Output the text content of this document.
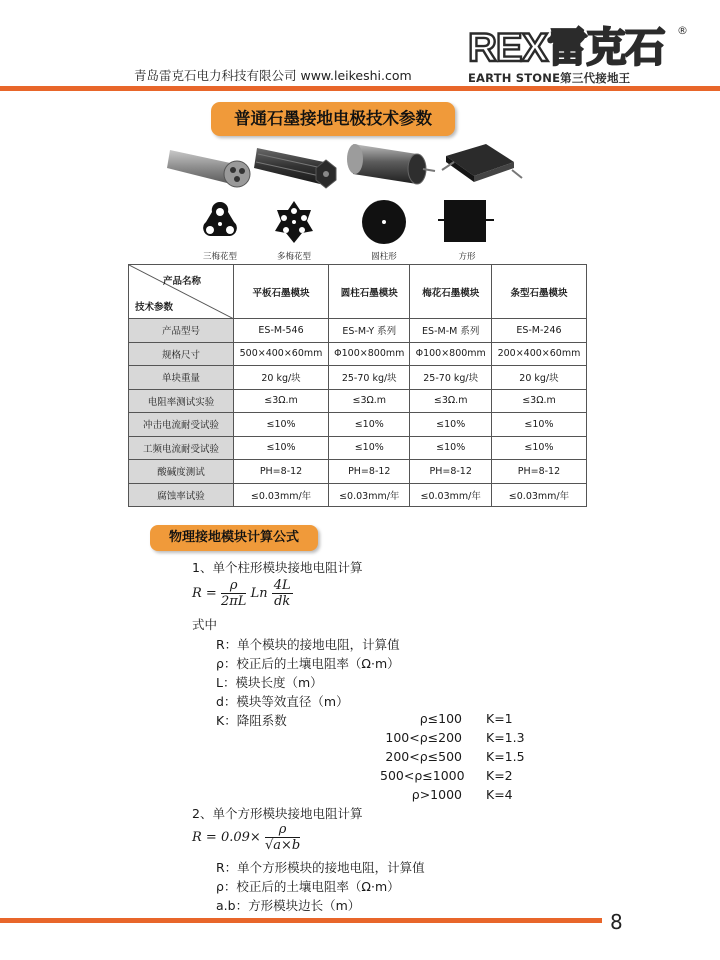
青岛雷克石电力科技有限公司 www.leikeshi.com
REX雷克石 ®
EARTH STONE第三代接地王
普通石墨接地电极技术参数
三梅花型	多梅花型	圆柱形	方形
产品名称
技术参数	平板石墨模块	圆柱石墨模块	梅花石墨模块	条型石墨模块
产品型号	ES-M-546	ES-M-Y 系列	ES-M-M 系列	ES-M-246
规格尺寸	500×400×60mm	Φ100×800mm	Φ100×800mm	200×400×60mm
单块重量	20 kg/块	25-70 kg/块	25-70 kg/块	20 kg/块
电阻率测试实验	≤3Ω.m	≤3Ω.m	≤3Ω.m	≤3Ω.m
冲击电流耐受试验	≤10%	≤10%	≤10%	≤10%
工频电流耐受试验	≤10%	≤10%	≤10%	≤10%
酸碱度测试	PH=8-12	PH=8-12	PH=8-12	PH=8-12
腐蚀率试验	≤0.03mm/年	≤0.03mm/年	≤0.03mm/年	≤0.03mm/年
物理接地模块计算公式
1、单个柱形模块接地电阻计算
$R = \frac{\rho}{2\pi L}$ Ln $\frac{4L}{dk}$
式中
R：单个模块的接地电阻，计算值
ρ：校正后的土壤电阻率（Ω·m）
L：模块长度（m）
d：模块等效直径（m）
K：降阻系数	ρ≤100 K=1
100<ρ≤200 K=1.3
200<ρ≤500 K=1.5
500<ρ≤1000 K=2
ρ>1000 K=4
2、单个方形模块接地电阻计算
$R = 0.09\times \frac{\rho}{√a\times b}$
R：单个方形模块的接地电阻，计算值
ρ：校正后的土壤电阻率（Ω·m）
a.b：方形模块边长（m）
8
